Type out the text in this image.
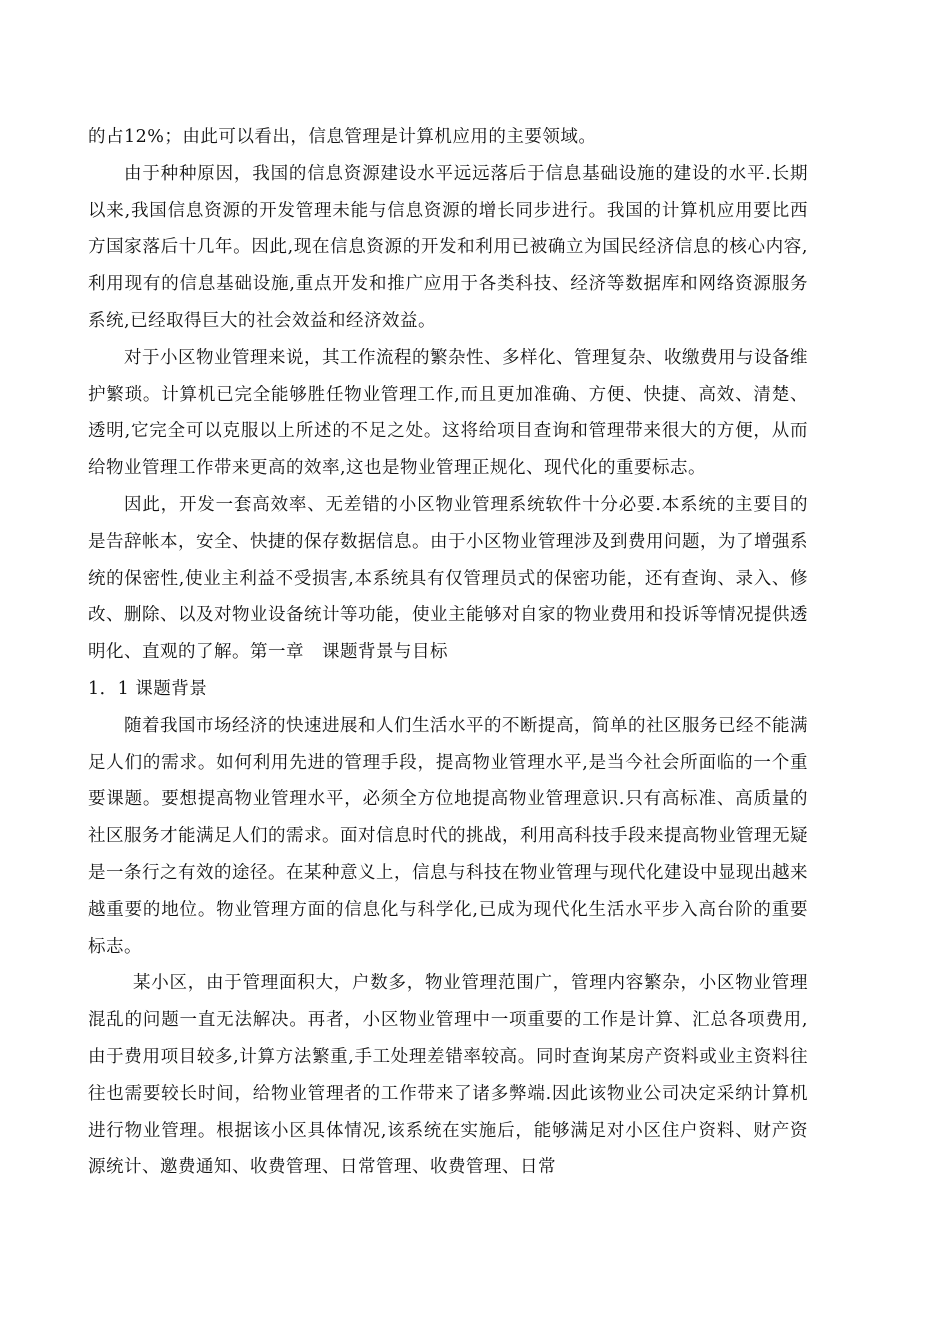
的占12%；由此可以看出，信息管理是计算机应用的主要领域。

由于种种原因，我国的信息资源建设水平远远落后于信息基础设施的建设的水平.长期以来,我国信息资源的开发管理未能与信息资源的增长同步进行。我国的计算机应用要比西方国家落后十几年。因此,现在信息资源的开发和利用已被确立为国民经济信息的核心内容,利用现有的信息基础设施,重点开发和推广应用于各类科技、经济等数据库和网络资源服务系统,已经取得巨大的社会效益和经济效益。

对于小区物业管理来说，其工作流程的繁杂性、多样化、管理复杂、收缴费用与设备维护繁琐。计算机已完全能够胜任物业管理工作,而且更加准确、方便、快捷、高效、清楚、透明,它完全可以克服以上所述的不足之处。这将给项目查询和管理带来很大的方便，从而给物业管理工作带来更高的效率,这也是物业管理正规化、现代化的重要标志。

因此，开发一套高效率、无差错的小区物业管理系统软件十分必要.本系统的主要目的是告辞帐本，安全、快捷的保存数据信息。由于小区物业管理涉及到费用问题，为了增强系统的保密性,使业主利益不受损害,本系统具有仅管理员式的保密功能，还有查询、录入、修改、删除、以及对物业设备统计等功能，使业主能够对自家的物业费用和投诉等情况提供透明化、直观的了解。第一章　课题背景与目标

1．1 课题背景

随着我国市场经济的快速进展和人们生活水平的不断提高，简单的社区服务已经不能满足人们的需求。如何利用先进的管理手段，提高物业管理水平,是当今社会所面临的一个重要课题。要想提高物业管理水平，必须全方位地提高物业管理意识.只有高标准、高质量的社区服务才能满足人们的需求。面对信息时代的挑战，利用高科技手段来提高物业管理无疑是一条行之有效的途径。在某种意义上，信息与科技在物业管理与现代化建设中显现出越来越重要的地位。物业管理方面的信息化与科学化,已成为现代化生活水平步入高台阶的重要标志。

某小区，由于管理面积大，户数多，物业管理范围广，管理内容繁杂，小区物业管理混乱的问题一直无法解决。再者，小区物业管理中一项重要的工作是计算、汇总各项费用,由于费用项目较多,计算方法繁重,手工处理差错率较高。同时查询某房产资料或业主资料往往也需要较长时间，给物业管理者的工作带来了诸多弊端.因此该物业公司决定采纳计算机进行物业管理。根据该小区具体情况,该系统在实施后，能够满足对小区住户资料、财产资源统计、邀费通知、收费管理、日常管理、收费管理、日常
